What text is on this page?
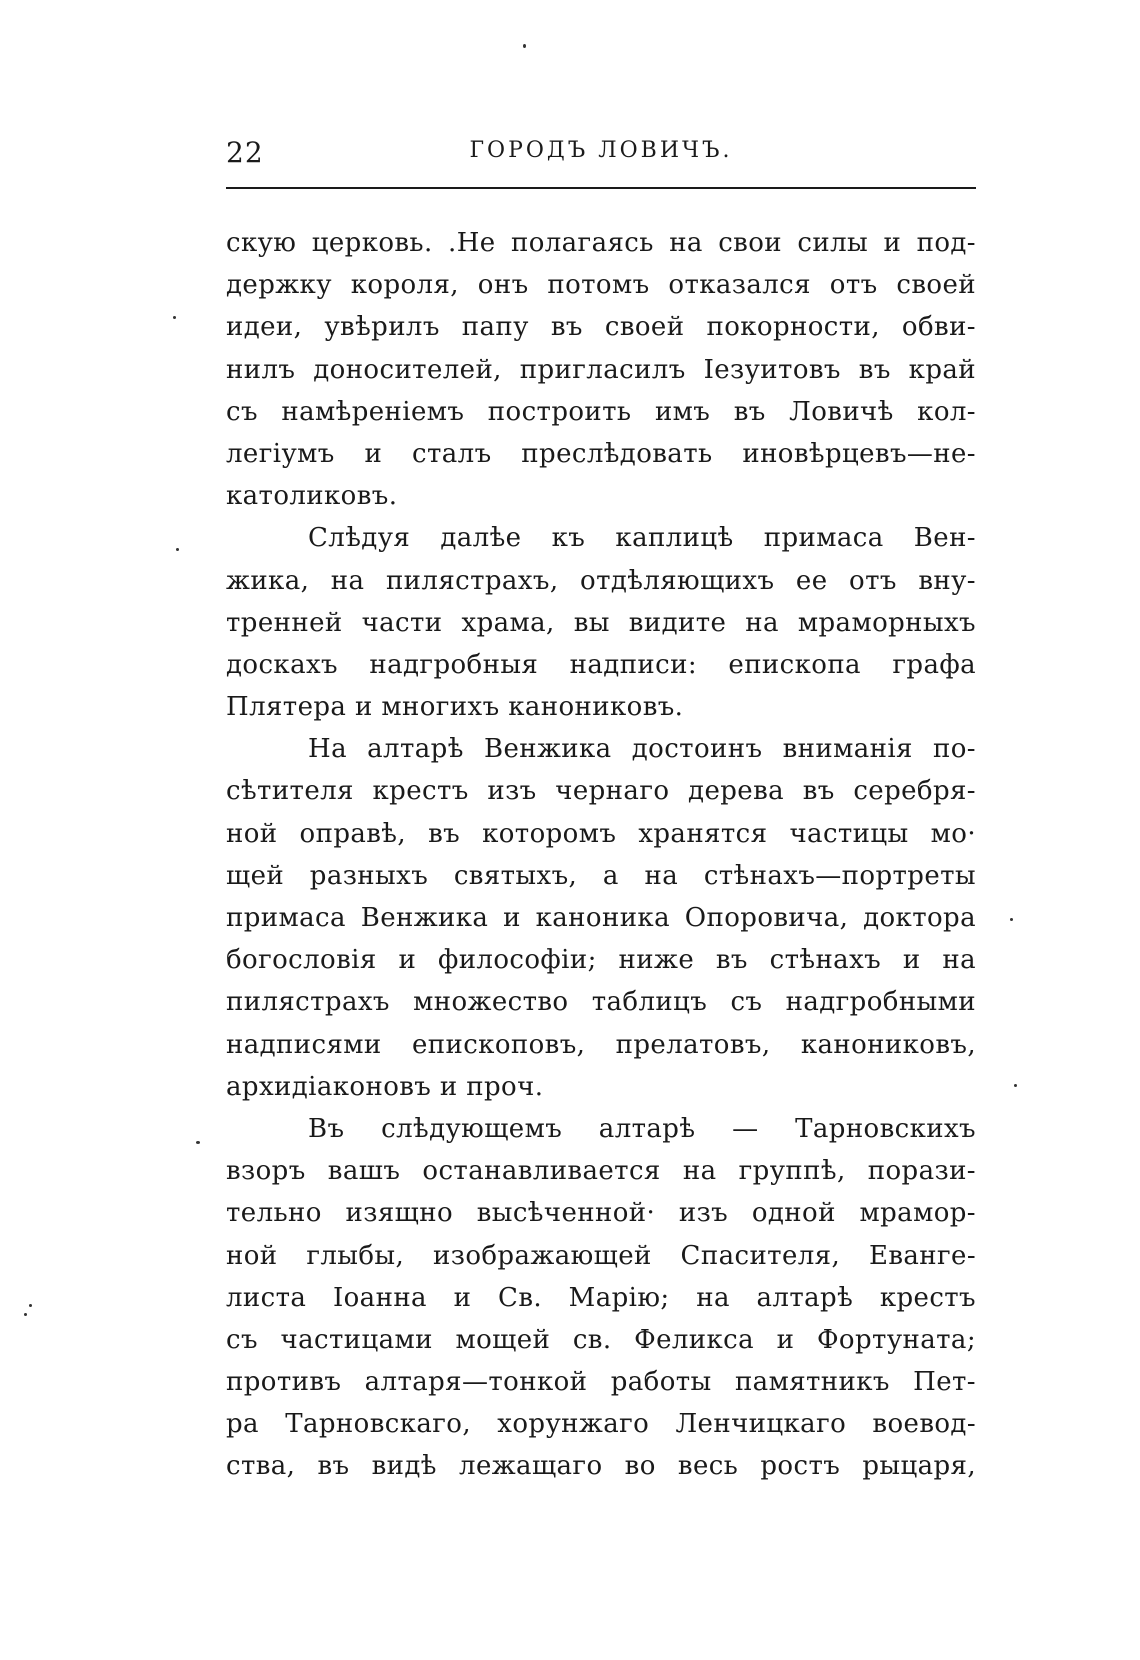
22	ГОРОДЪ ЛОВИЧЪ.
скую церковь. .Не полагаясь на свои силы и под-
держку короля, онъ потомъ отказался отъ своей
идеи, увѣрилъ папу въ своей покорности, обви-
нилъ доносителей, пригласилъ Іезуитовъ въ край
съ намѣреніемъ построить имъ въ Ловичѣ кол-
легіумъ и сталъ преслѣдовать иновѣрцевъ—не-
католиковъ.
Слѣдуя далѣе къ каплицѣ примаса Вен-
жика, на пилястрахъ, отдѣляющихъ ее отъ вну-
тренней части храма, вы видите на мраморныхъ
доскахъ надгробныя надписи: епископа графа
Плятера и многихъ канониковъ.
На алтарѣ Венжика достоинъ вниманія по-
сѣтителя крестъ изъ чернаго дерева въ серебря-
ной оправѣ, въ которомъ хранятся частицы мо·
щей разныхъ святыхъ, а на стѣнахъ—портреты
примаса Венжика и каноника Опоровича, доктора
богословія и философіи; ниже въ стѣнахъ и на
пилястрахъ множество таблицъ съ надгробными
надписями епископовъ, прелатовъ, канониковъ,
архидіаконовъ и проч.
Въ слѣдующемъ алтарѣ — Тарновскихъ
взоръ вашъ останавливается на группѣ, порази-
тельно изящно высѣченной· изъ одной мрамор-
ной глыбы, изображающей Спасителя, Еванге-
листа Іоанна и Св. Марію; на алтарѣ крестъ
съ частицами мощей св. Феликса и Фортуната;
противъ алтаря—тонкой работы памятникъ Пет-
ра Тарновскаго, хорунжаго Ленчицкаго воевод-
ства, въ видѣ лежащаго во весь ростъ рыцаря,
